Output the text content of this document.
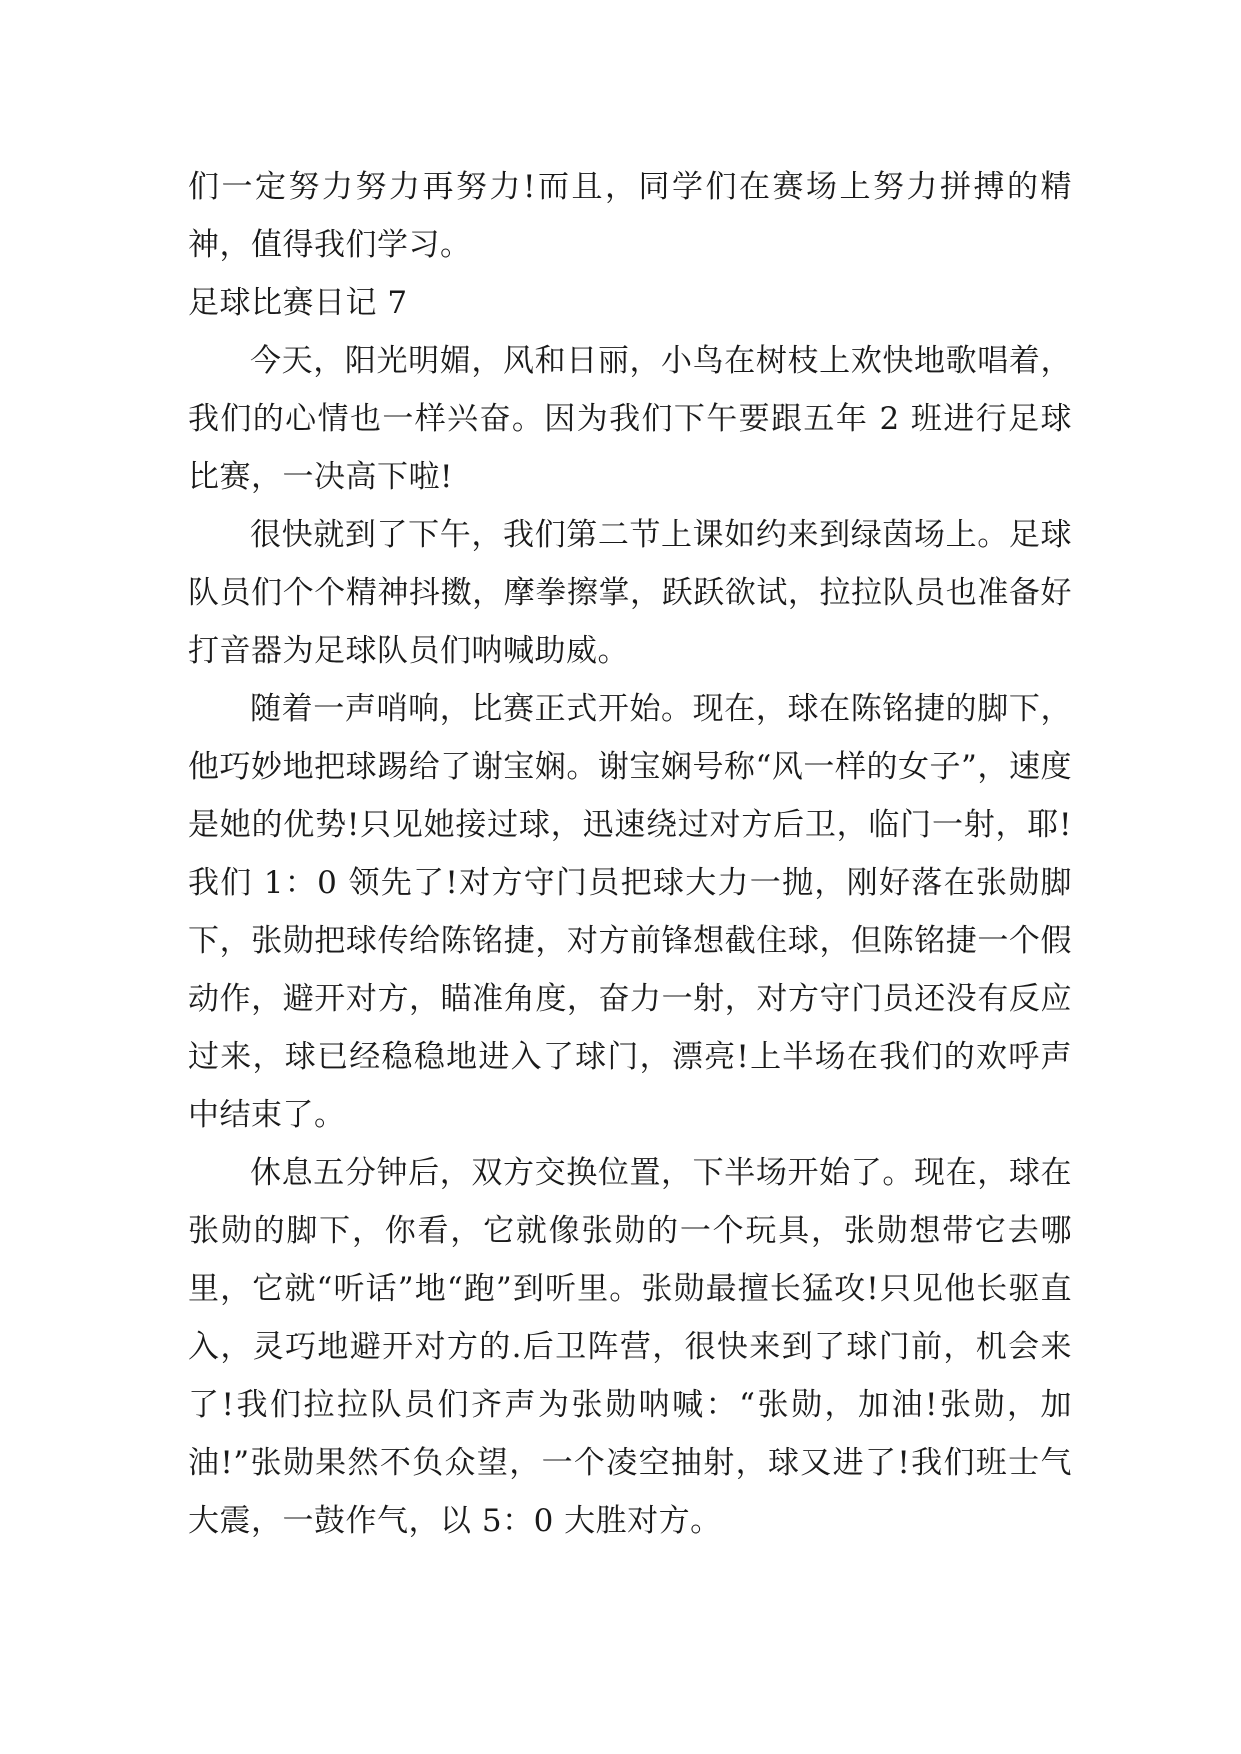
们一定努力努力再努力!而且，同学们在赛场上努力拼搏的精神，值得我们学习。

足球比赛日记 7

今天，阳光明媚，风和日丽，小鸟在树枝上欢快地歌唱着，我们的心情也一样兴奋。因为我们下午要跟五年 2 班进行足球比赛，一决高下啦!

很快就到了下午，我们第二节上课如约来到绿茵场上。足球队员们个个精神抖擞，摩拳擦掌，跃跃欲试，拉拉队员也准备好打音器为足球队员们呐喊助威。

随着一声哨响，比赛正式开始。现在，球在陈铭捷的脚下，他巧妙地把球踢给了谢宝娴。谢宝娴号称“风一样的女子”，速度是她的优势!只见她接过球，迅速绕过对方后卫，临门一射，耶!我们 1：0 领先了!对方守门员把球大力一抛，刚好落在张勋脚下，张勋把球传给陈铭捷，对方前锋想截住球，但陈铭捷一个假动作，避开对方，瞄准角度，奋力一射，对方守门员还没有反应过来，球已经稳稳地进入了球门，漂亮!上半场在我们的欢呼声中结束了。

休息五分钟后，双方交换位置，下半场开始了。现在，球在张勋的脚下，你看，它就像张勋的一个玩具，张勋想带它去哪里，它就“听话”地“跑”到听里。张勋最擅长猛攻!只见他长驱直入，灵巧地避开对方的.后卫阵营，很快来到了球门前，机会来了!我们拉拉队员们齐声为张勋呐喊：“张勋，加油!张勋，加油!”张勋果然不负众望，一个凌空抽射，球又进了!我们班士气大震，一鼓作气，以 5：0 大胜对方。
